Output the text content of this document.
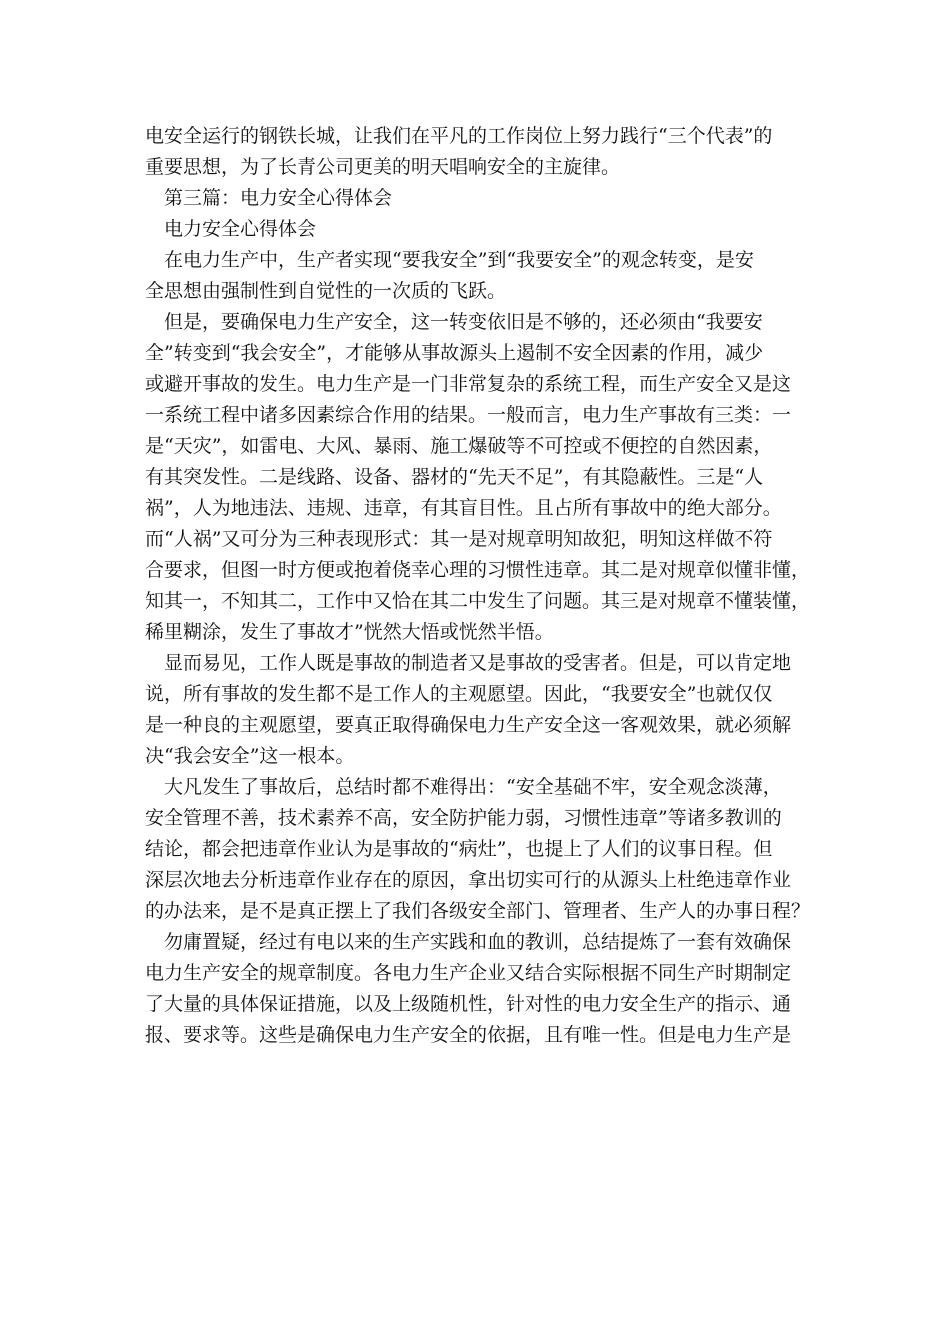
电安全运行的钢铁长城，让我们在平凡的工作岗位上努力践行“三个代表”的
重要思想，为了长青公司更美的明天唱响安全的主旋律。
第三篇：电力安全心得体会
电力安全心得体会
在电力生产中，生产者实现“要我安全”到“我要安全”的观念转变，是安
全思想由强制性到自觉性的一次质的飞跃。
但是，要确保电力生产安全，这一转变依旧是不够的，还必须由“我要安
全”转变到“我会安全”，才能够从事故源头上遏制不安全因素的作用，减少
或避开事故的发生。电力生产是一门非常复杂的系统工程，而生产安全又是这
一系统工程中诸多因素综合作用的结果。一般而言，电力生产事故有三类：一
是“天灾”，如雷电、大风、暴雨、施工爆破等不可控或不便控的自然因素，
有其突发性。二是线路、设备、器材的“先天不足”，有其隐蔽性。三是“人
祸”，人为地违法、违规、违章，有其盲目性。且占所有事故中的绝大部分。
而“人祸”又可分为三种表现形式：其一是对规章明知故犯，明知这样做不符
合要求，但图一时方便或抱着侥幸心理的习惯性违章。其二是对规章似懂非懂，
知其一，不知其二，工作中又恰在其二中发生了问题。其三是对规章不懂装懂，
稀里糊涂，发生了事故才”恍然大悟或恍然半悟。
显而易见，工作人既是事故的制造者又是事故的受害者。但是，可以肯定地
说，所有事故的发生都不是工作人的主观愿望。因此，“我要安全”也就仅仅
是一种良的主观愿望，要真正取得确保电力生产安全这一客观效果，就必须解
决“我会安全”这一根本。
大凡发生了事故后，总结时都不难得出：“安全基础不牢，安全观念淡薄，
安全管理不善，技术素养不高，安全防护能力弱，习惯性违章”等诸多教训的
结论，都会把违章作业认为是事故的“病灶”，也提上了人们的议事日程。但
深层次地去分析违章作业存在的原因，拿出切实可行的从源头上杜绝违章作业
的办法来，是不是真正摆上了我们各级安全部门、管理者、生产人的办事日程？
勿庸置疑，经过有电以来的生产实践和血的教训，总结提炼了一套有效确保
电力生产安全的规章制度。各电力生产企业又结合实际根据不同生产时期制定
了大量的具体保证措施，以及上级随机性，针对性的电力安全生产的指示、通
报、要求等。这些是确保电力生产安全的依据，且有唯一性。但是电力生产是
